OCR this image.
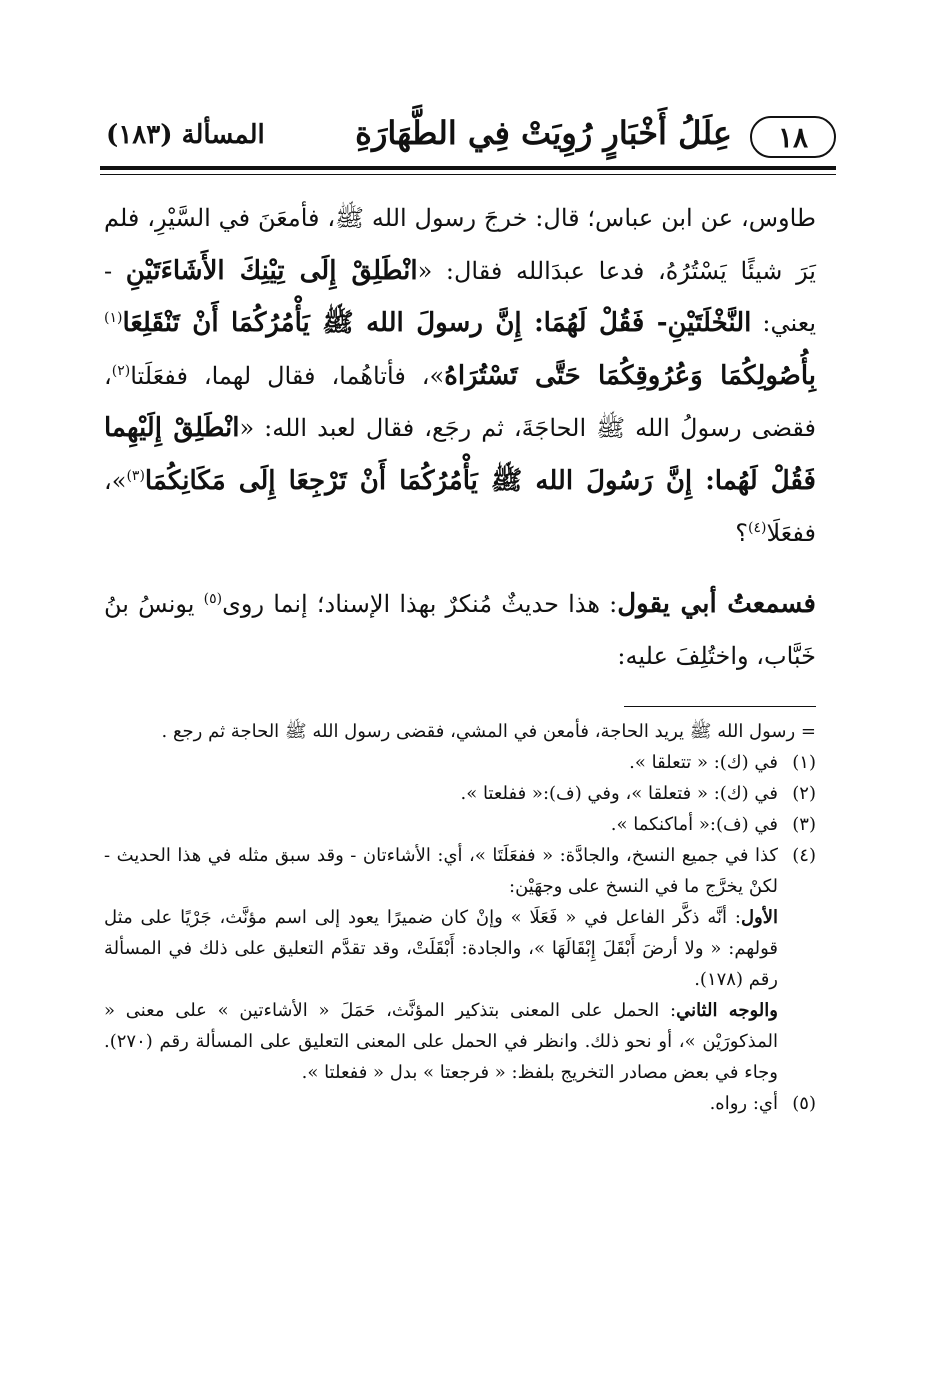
١٨
عِلَلُ أَخْبَارٍ رُوِيَتْ فِي الطَّهَارَةِ
المسألة (١٨٣)

طاوس، عن ابن عباس؛ قال: خرجَ رسول الله ﷺ، فأمعَنَ في السَّيْرِ، فلم يَرَ شيئًا يَسْتُرُهُ، فدعا عبدَالله فقال: «انْطَلِقْ إِلَى تِيْنِكَ الأَشَاءَتَيْنِ - يعني: النَّخْلَتَيْنِ- فَقُلْ لَهُمَا: إِنَّ رسولَ الله ﷺ يَأْمُرُكُمَا أَنْ تَنْقَلِعَا$^{(١)}$ بِأُصُولِكُمَا وَعُرُوقِكُمَا حَتَّى تَسْتُرَاهُ»، فأتاهُما، فقال لهما، ففعَلَتا$^{(٢)}$، فقضى رسولُ الله ﷺ الحاجَةَ، ثم رجَع، فقال لعبد الله: «انْطَلِقْ إِلَيْهِما فَقُلْ لَهُما: إِنَّ رَسُولَ الله ﷺ يَأْمُرُكُمَا أَنْ تَرْجِعَا إِلَى مَكَانِكُمَا$^{(٣)}$»، ففعَلَا$^{(٤)}$؟

فسمعتُ أبي يقول: هذا حديثٌ مُنكرٌ بهذا الإسناد؛ إنما روى$^{(٥)}$ يونسُ بنُ خَبَّاب، واختُلِفَ عليه:

= رسول الله ﷺ يريد الحاجة، فأمعن في المشي، فقضى رسول الله ﷺ الحاجة ثم رجع .

(١)
في (ك): « تتعلقا ».
(٢)
في (ك): « فتعلقا »، وفي (ف):« ففلعتا ».
(٣)
في (ف):« أماكنكما ».
(٤)

كذا في جميع النسخ، والجادَّة: « ففعَلَتَا »، أي: الأشاءتان - وقد سبق مثله في هذا الحديث - لكنْ يخرَّج ما في النسخ على وجهَيْن:

الأول: أنَّه ذكَّر الفاعل في « فَعَلَا » وإنْ كان ضميرًا يعود إلى اسم مؤنَّث، جَرْيًا على مثل قولهم: « ولا أرضَ أَبْقَلَ إِبْقَالَهَا »، والجادة: أَبْقَلَتْ، وقد تقدَّم التعليق على ذلك في المسألة رقم (١٧٨).

والوجه الثاني: الحمل على المعنى بتذكير المؤنَّث، حَمَلَ « الأشاءتين » على معنى « المذكورَيْن »، أو نحو ذلك. وانظر في الحمل على المعنى التعليق على المسألة رقم (٢٧٠). وجاء في بعض مصادر التخريج بلفظ: « فرجعتا » بدل « ففعلتا ».

(٥)
أي: رواه.
